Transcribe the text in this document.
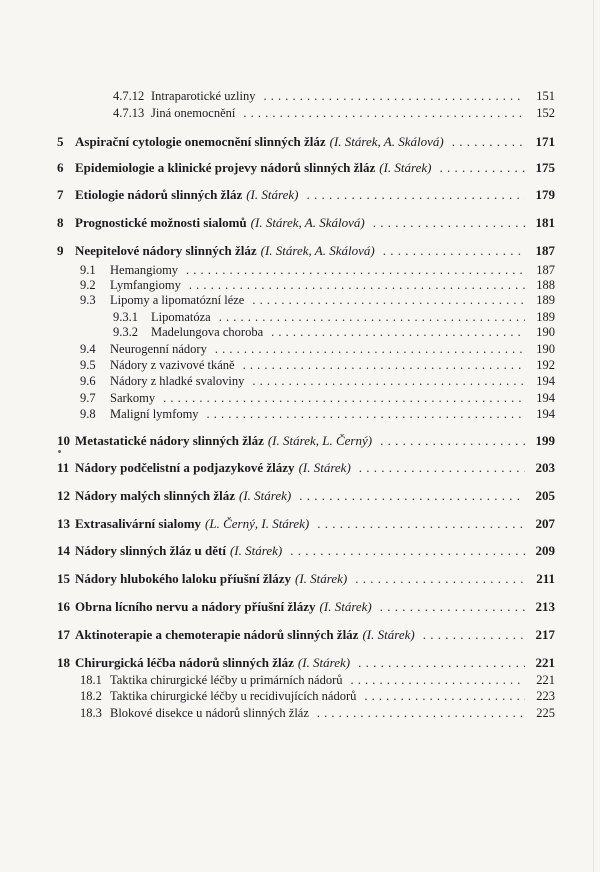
4.7.12 Intraparotické uzliny . . .	151
4.7.13 Jiná onemocnění . . .	152
5 Aspirační cytologie onemocnění slinných žláz (I. Stárek, A. Skálová) . . .	171
6 Epidemiologie a klinické projevy nádorů slinných žláz (I. Stárek) . . .	175
7 Etiologie nádorů slinných žláz (I. Stárek) . . .	179
8 Prognostické možnosti sialomů (I. Stárek, A. Skálová) . . .	181
9 Neepitelové nádory slinných žláz (I. Stárek, A. Skálová) . . .	187
9.1	Hemangiomy . . .	187
9.2	Lymfangiomy . . .	188
9.3	Lipomy a lipomatózní léze . . .	189
9.3.1	Lipomatóza . . .	189
9.3.2	Madelungova choroba . . .	190
9.4	Neurogenní nádory . . .	190
9.5	Nádory z vazivové tkáně . . .	192
9.6	Nádory z hladké svaloviny . . .	194
9.7	Sarkomy . . .	194
9.8	Maligní lymfomy . . .	194
10 Metastatické nádory slinných žláz (I. Stárek, L. Černý) . . .	199
11 Nádory podčelistní a podjazykové žlázy (I. Stárek) . . .	203
12 Nádory malých slinných žláz (I. Stárek) . . .	205
13 Extrasalivární sialomy (L. Černý, I. Stárek) . . .	207
14 Nádory slinných žláz u dětí (I. Stárek) . . .	209
15 Nádory hlubokého laloku příušní žlázy (I. Stárek) . . .	211
16 Obrna lícního nervu a nádory příušní žlázy (I. Stárek) . . .	213
17 Aktinoterapie a chemoterapie nádorů slinných žláz (I. Stárek) . . .	217
18 Chirurgická léčba nádorů slinných žláz (I. Stárek) . . .	221
18.1 Taktika chirurgické léčby u primárních nádorů . . .	221
18.2 Taktika chirurgické léčby u recidivujících nádorů . . .	223
18.3 Blokové disekce u nádorů slinných žláz . . .	225
